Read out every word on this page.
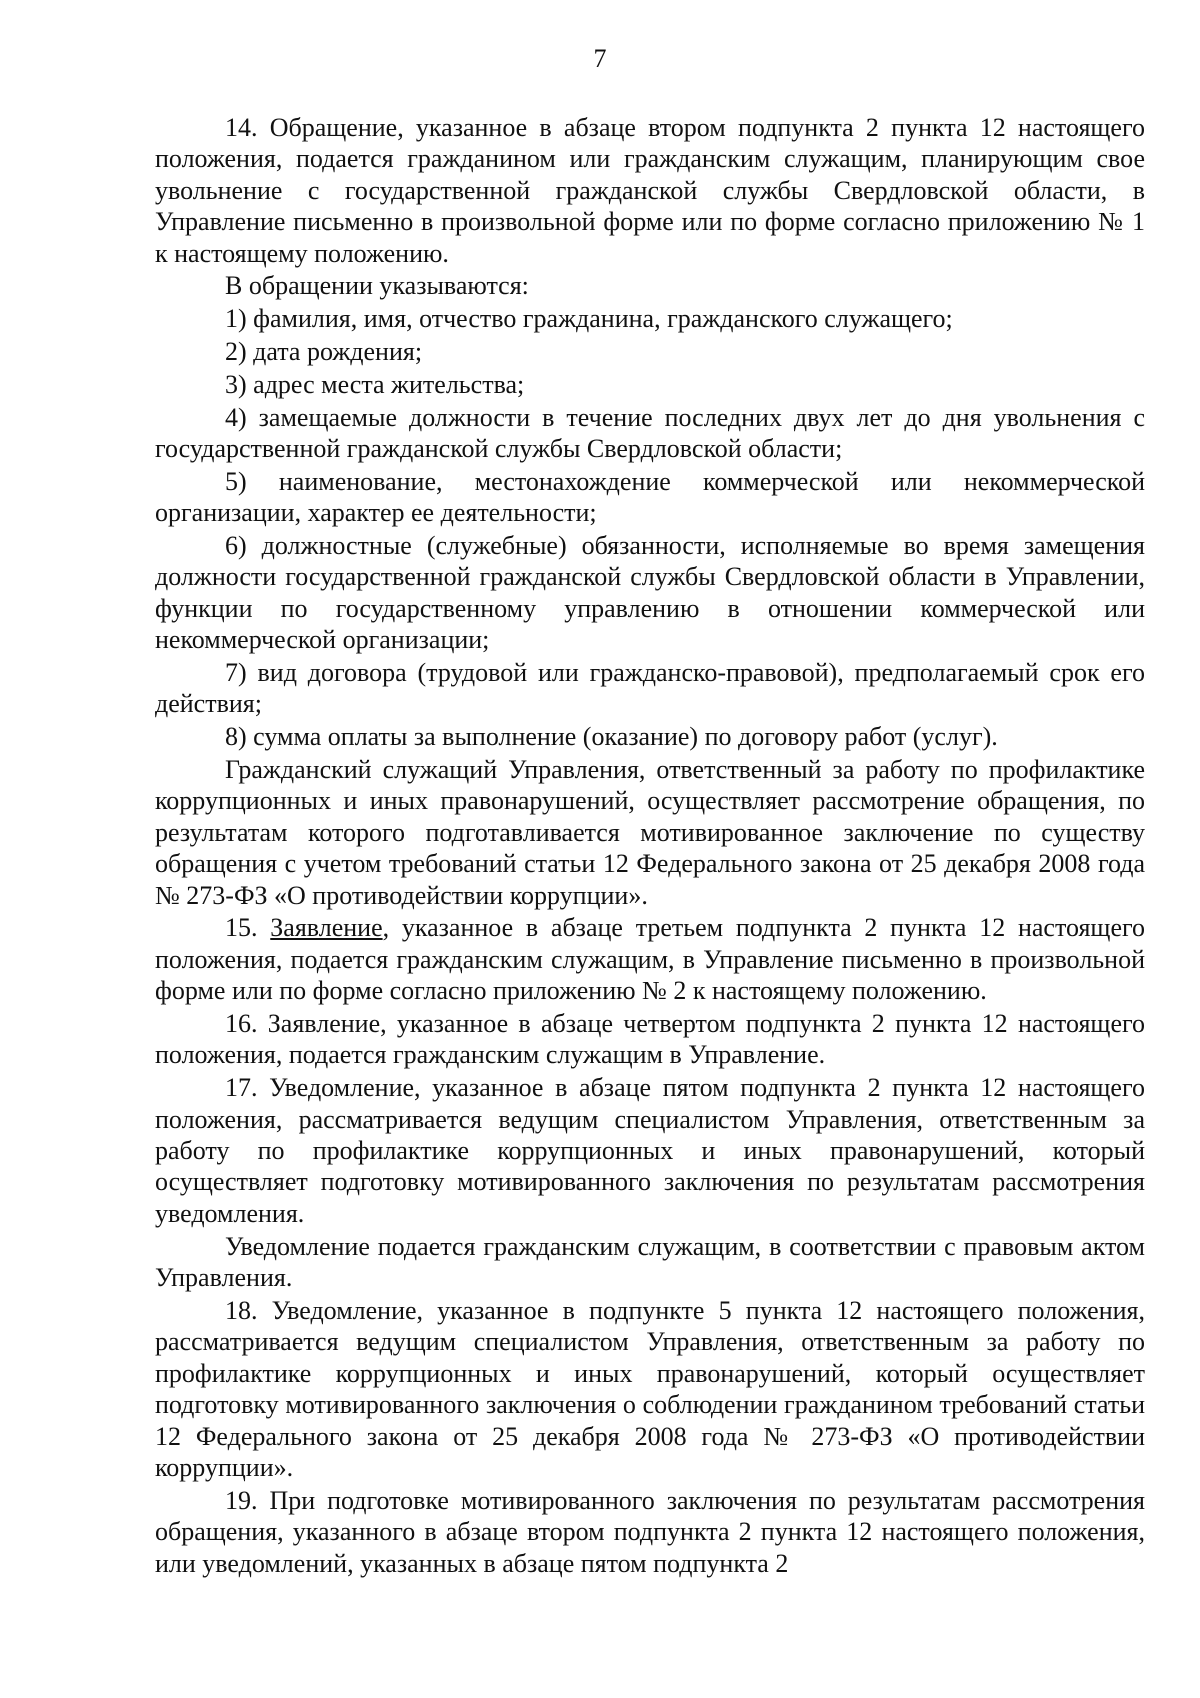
7

14. Обращение, указанное в абзаце втором подпункта 2 пункта 12 настоящего положения, подается гражданином или гражданским служащим, планирующим свое увольнение с государственной гражданской службы Свердловской области, в Управление письменно в произвольной форме или по форме согласно приложению № 1 к настоящему положению.

В обращении указываются:

1) фамилия, имя, отчество гражданина, гражданского служащего;

2) дата рождения;

3) адрес места жительства;

4) замещаемые должности в течение последних двух лет до дня увольнения с государственной гражданской службы Свердловской области;

5) наименование, местонахождение коммерческой или некоммерческой организации, характер ее деятельности;

6) должностные (служебные) обязанности, исполняемые во время замещения должности государственной гражданской службы Свердловской области в Управлении, функции по государственному управлению в отношении коммерческой или некоммерческой организации;

7) вид договора (трудовой или гражданско-правовой), предполагаемый срок его действия;

8) сумма оплаты за выполнение (оказание) по договору работ (услуг).

Гражданский служащий Управления, ответственный за работу по профилактике коррупционных и иных правонарушений, осуществляет рассмотрение обращения, по результатам которого подготавливается мотивированное заключение по существу обращения с учетом требований статьи 12 Федерального закона от 25 декабря 2008 года № 273-ФЗ «О противодействии коррупции».

15. Заявление, указанное в абзаце третьем подпункта 2 пункта 12 настоящего положения, подается гражданским служащим, в Управление письменно в произвольной форме или по форме согласно приложению № 2 к настоящему положению.

16. Заявление, указанное в абзаце четвертом подпункта 2 пункта 12 настоящего положения, подается гражданским служащим в Управление.

17. Уведомление, указанное в абзаце пятом подпункта 2 пункта 12 настоящего положения, рассматривается ведущим специалистом Управления, ответственным за работу по профилактике коррупционных и иных правонарушений, который осуществляет подготовку мотивированного заключения по результатам рассмотрения уведомления.

Уведомление подается гражданским служащим, в соответствии с правовым актом Управления.

18. Уведомление, указанное в подпункте 5 пункта 12 настоящего положения, рассматривается ведущим специалистом Управления, ответственным за работу по профилактике коррупционных и иных правонарушений, который осуществляет подготовку мотивированного заключения о соблюдении гражданином требований статьи 12 Федерального закона от 25 декабря 2008 года № 273-ФЗ «О противодействии коррупции».

19. При подготовке мотивированного заключения по результатам рассмотрения обращения, указанного в абзаце втором подпункта 2 пункта 12 настоящего положения, или уведомлений, указанных в абзаце пятом подпункта 2
